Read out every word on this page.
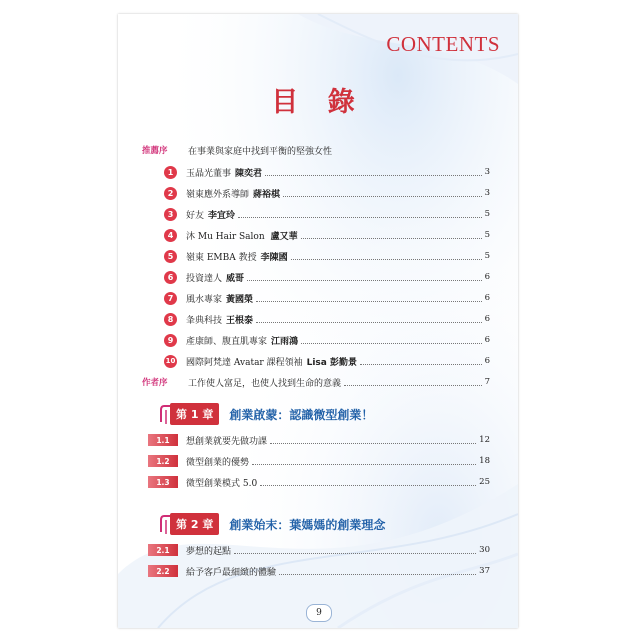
CONTENTS
目 錄
推薦序	在事業與家庭中找到平衡的堅強女性
1	玉晶光董事 陳奕君	3
2	嶺東應外系導師 蔣裕棋	3
3	好友 李宜玲	5
4	沐 Mu Hair Salon 盧又華	5
5	嶺東 EMBA 教授 李陳國	5
6	投資達人 威哥	6
7	風水專家 黃國榮	6
8	夆典科技 王根泰	6
9	產康師、腹直肌專家 江雨鴻	6
10 國際阿梵達 Avatar 課程領袖 Lisa 彭勤景	6
作者序	工作使人富足，也使人找到生命的意義	7
第 1 章	創業啟蒙：認識微型創業！
1.1	想創業就要先做功課	12
1.2	微型創業的優勢	18
1.3	微型創業模式 5.0	25
第 2 章	創業始末：葉媽媽的創業理念
2.1	夢想的起點	30
2.2	給予客戶最細緻的體驗	37
9
